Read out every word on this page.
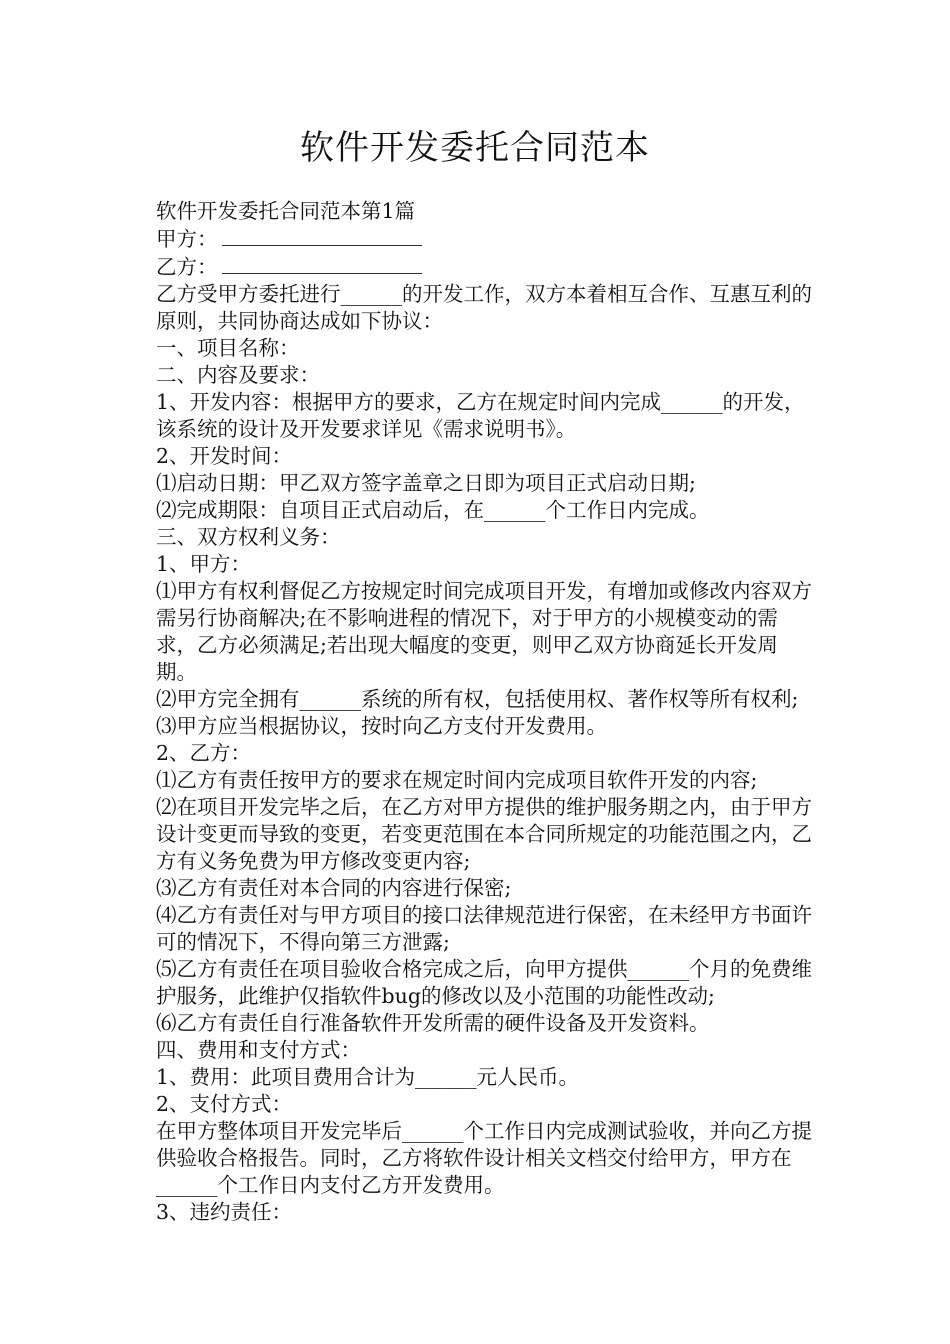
软件开发委托合同范本

软件开发委托合同范本第1篇

甲方：

乙方：

乙方受甲方委托进行______的开发工作，双方本着相互合作、互惠互利的原则，共同协商达成如下协议：

一、项目名称：

二、内容及要求：

1、开发内容：根据甲方的要求，乙方在规定时间内完成______的开发，该系统的设计及开发要求详见《需求说明书》。

2、开发时间：

⑴启动日期：甲乙双方签字盖章之日即为项目正式启动日期;

⑵完成期限：自项目正式启动后，在______个工作日内完成。

三、双方权利义务：

1、甲方：

⑴甲方有权利督促乙方按规定时间完成项目开发，有增加或修改内容双方需另行协商解决;在不影响进程的情况下，对于甲方的小规模变动的需求，乙方必须满足;若出现大幅度的变更，则甲乙双方协商延长开发周期。

⑵甲方完全拥有______系统的所有权，包括使用权、著作权等所有权利;

⑶甲方应当根据协议，按时向乙方支付开发费用。

2、乙方：

⑴乙方有责任按甲方的要求在规定时间内完成项目软件开发的内容;

⑵在项目开发完毕之后，在乙方对甲方提供的维护服务期之内，由于甲方设计变更而导致的变更，若变更范围在本合同所规定的功能范围之内，乙方有义务免费为甲方修改变更内容;

⑶乙方有责任对本合同的内容进行保密;

⑷乙方有责任对与甲方项目的接口法律规范进行保密，在未经甲方书面许可的情况下，不得向第三方泄露;

⑸乙方有责任在项目验收合格完成之后，向甲方提供______个月的免费维护服务，此维护仅指软件bug的修改以及小范围的功能性改动;

⑹乙方有责任自行准备软件开发所需的硬件设备及开发资料。

四、费用和支付方式：

1、费用：此项目费用合计为______元人民币。

2、支付方式：

在甲方整体项目开发完毕后______个工作日内完成测试验收，并向乙方提供验收合格报告。同时，乙方将软件设计相关文档交付给甲方，甲方在______个工作日内支付乙方开发费用。

3、违约责任：
